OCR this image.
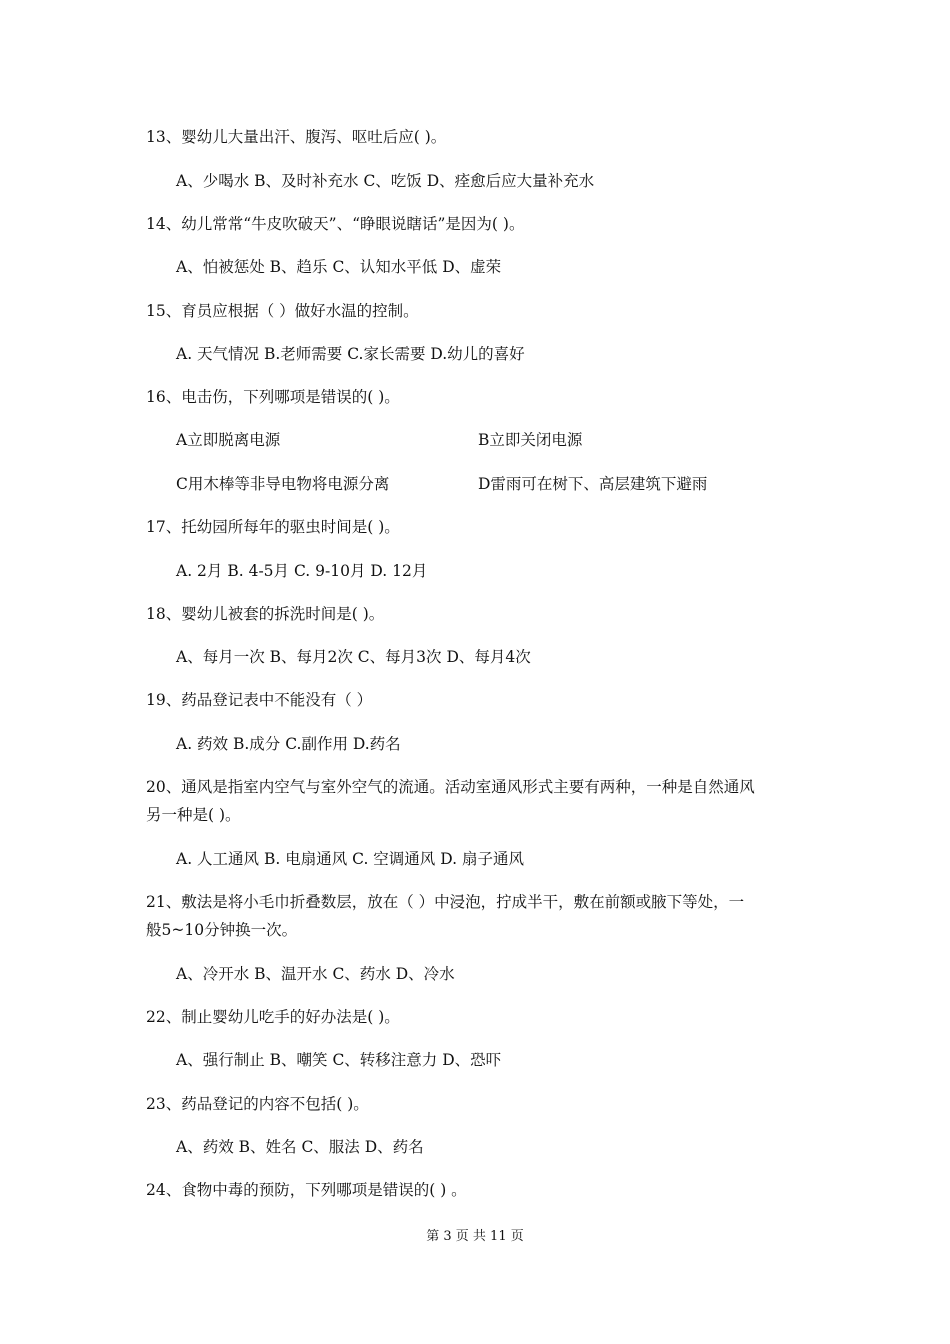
13、婴幼儿大量出汗、腹泻、呕吐后应( )。
A、少喝水 B、及时补充水 C、吃饭 D、痊愈后应大量补充水
14、幼儿常常“牛皮吹破天”、“睁眼说瞎话”是因为( )。
A、怕被惩处 B、趋乐 C、认知水平低 D、虚荣
15、育员应根据（ ）做好水温的控制。
A. 天气情况 B.老师需要 C.家长需要 D.幼儿的喜好
16、电击伤，下列哪项是错误的( )。
A立即脱离电源	B立即关闭电源
C用木棒等非导电物将电源分离	D雷雨可在树下、高层建筑下避雨
17、托幼园所每年的驱虫时间是( )。
A. 2月 B. 4-5月 C. 9-10月 D. 12月
18、婴幼儿被套的拆洗时间是( )。
A、每月一次 B、每月2次 C、每月3次 D、每月4次
19、药品登记表中不能没有（ ）
A. 药效 B.成分 C.副作用 D.药名
20、通风是指室内空气与室外空气的流通。活动室通风形式主要有两种，一种是自然通风
另一种是( )。
A. 人工通风 B. 电扇通风 C. 空调通风 D. 扇子通风
21、敷法是将小毛巾折叠数层，放在（ ）中浸泡，拧成半干，敷在前额或腋下等处，一
般5~10分钟换一次。
A、冷开水 B、温开水 C、药水 D、冷水
22、制止婴幼儿吃手的好办法是( )。
A、强行制止 B、嘲笑 C、转移注意力 D、恐吓
23、药品登记的内容不包括( )。
A、药效 B、姓名 C、服法 D、药名
24、食物中毒的预防，下列哪项是错误的( ) 。
第 3 页 共 11 页
